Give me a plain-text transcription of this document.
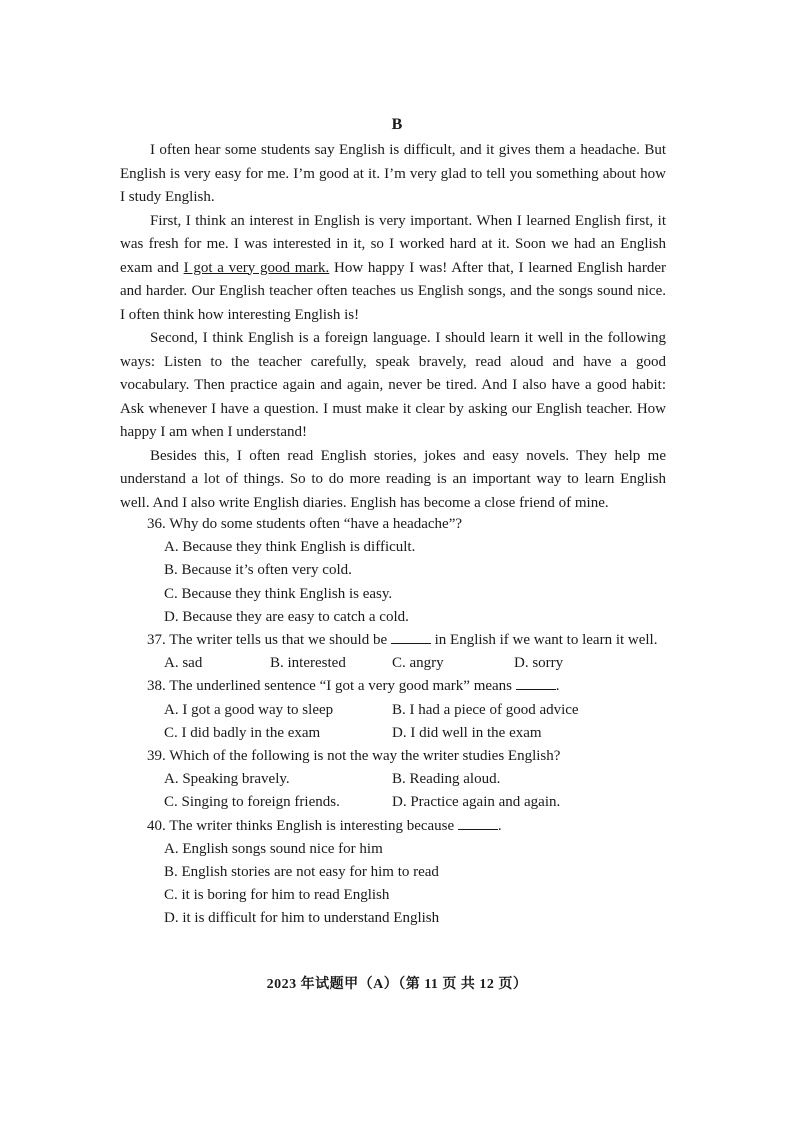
B

I often hear some students say English is difficult, and it gives them a headache. But English is very easy for me. I’m good at it. I’m very glad to tell you something about how I study English.

First, I think an interest in English is very important. When I learned English first, it was fresh for me. I was interested in it, so I worked hard at it. Soon we had an English exam and I got a very good mark. How happy I was! After that, I learned English harder and harder. Our English teacher often teaches us English songs, and the songs sound nice. I often think how interesting English is!

Second, I think English is a foreign language. I should learn it well in the following ways: Listen to the teacher carefully, speak bravely, read aloud and have a good vocabulary. Then practice again and again, never be tired. And I also have a good habit: Ask whenever I have a question. I must make it clear by asking our English teacher. How happy I am when I understand!

Besides this, I often read English stories, jokes and easy novels. They help me understand a lot of things. So to do more reading is an important way to learn English well. And I also write English diaries. English has become a close friend of mine.

36. Why do some students often “have a headache”?

A. Because they think English is difficult.

B. Because it’s often very cold.

C. Because they think English is easy.

D. Because they are easy to catch a cold.

37. The writer tells us that we should be	in English if we want to learn it well.

A. sad	B. interested	C. angry	D. sorry

38. The underlined sentence “I got a very good mark” means	.

A. I got a good way to sleep	B. I had a piece of good advice
C. I did badly in the exam	D. I did well in the exam

39. Which of the following is not the way the writer studies English?

A. Speaking bravely.	B. Reading aloud.
C. Singing to foreign friends.	D. Practice again and again.

40. The writer thinks English is interesting because	.

A. English songs sound nice for him

B. English stories are not easy for him to read

C. it is boring for him to read English

D. it is difficult for him to understand English

2023 年试题甲（A）（第 11 页 共 12 页）
